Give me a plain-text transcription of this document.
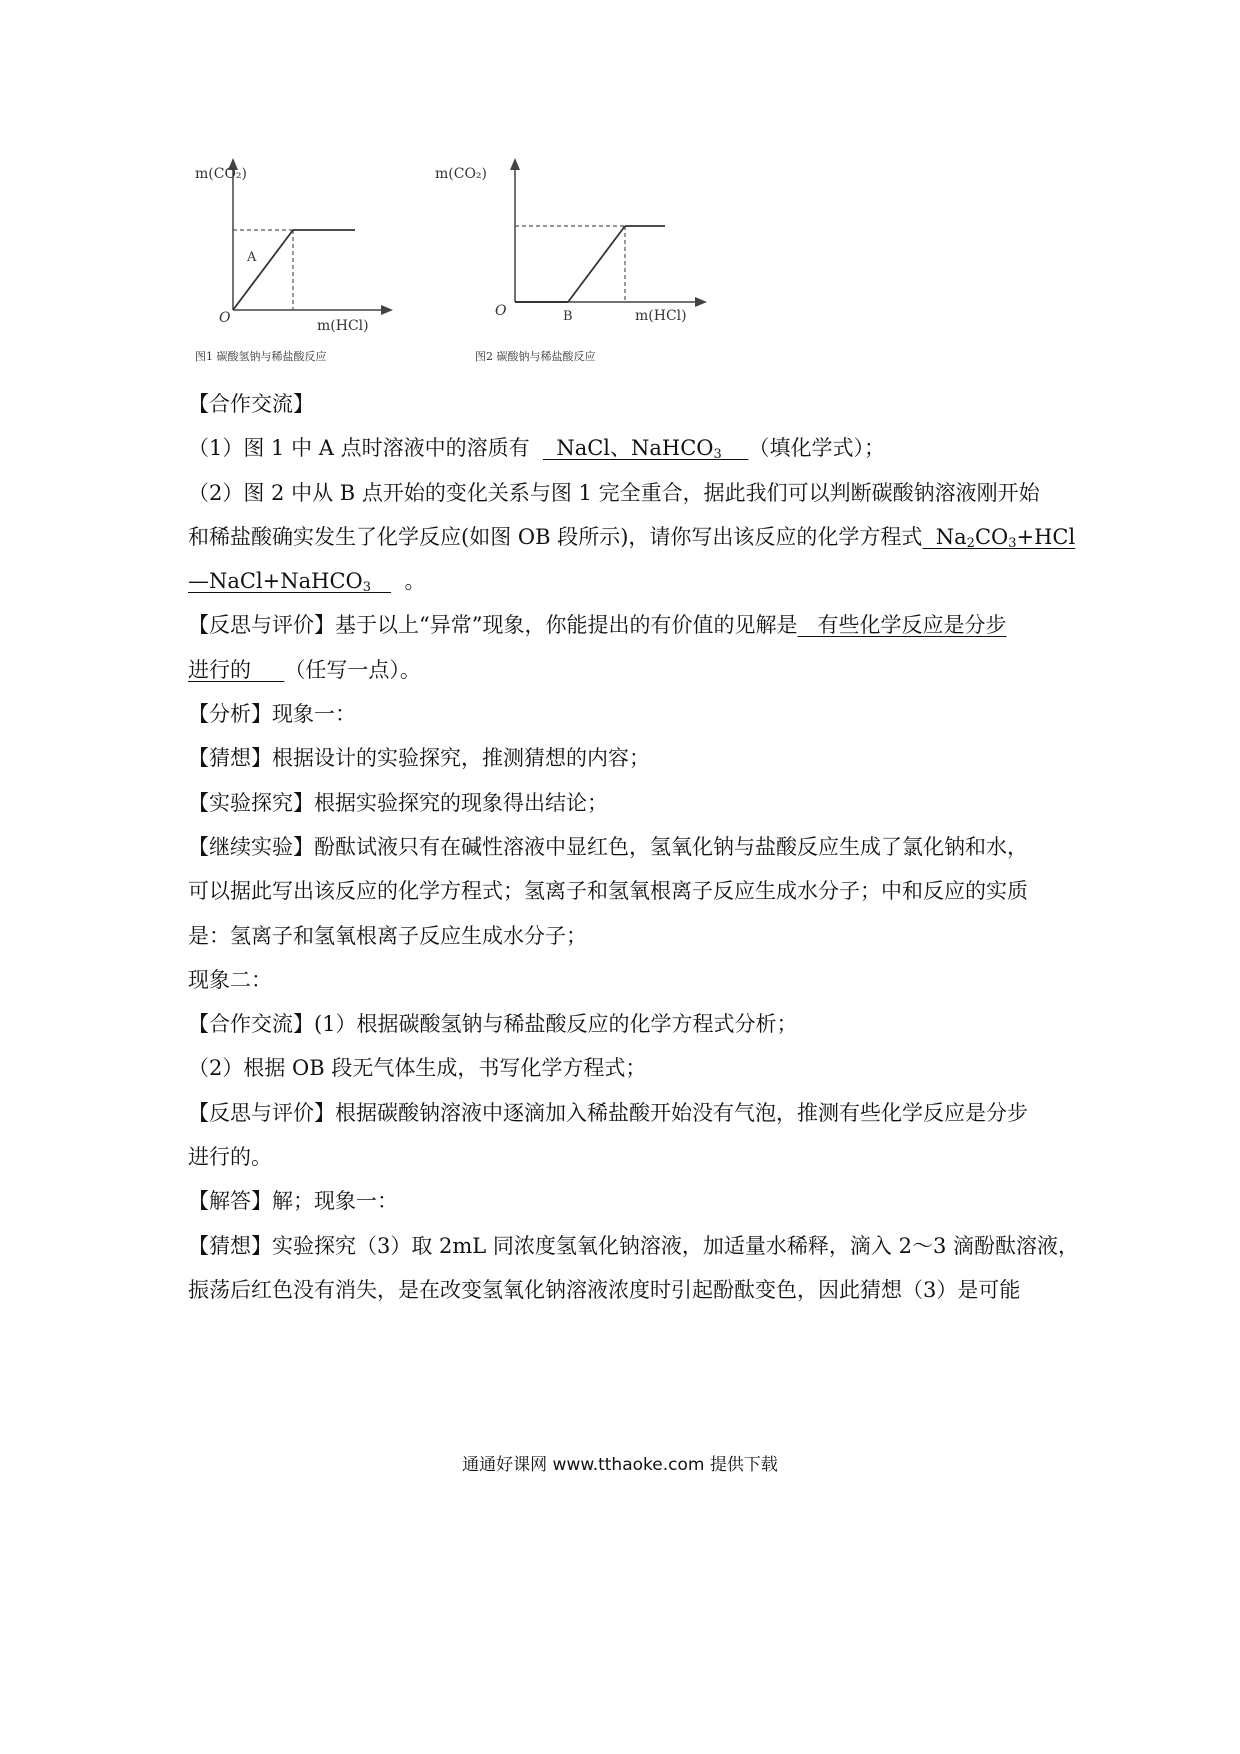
m(CO₂)
m(HCl)
O
A
图1 碳酸氢钠与稀盐酸反应
m(CO₂)
m(HCl)
O	B
图2 碳酸钠与稀盐酸反应

【合作交流】

（1）图 1 中 A 点时溶液中的溶质有 NaCl、NaHCO$_3$ （填化学式）；

（2）图 2 中从 B 点开始的变化关系与图 1 完全重合，据此我们可以判断碳酸钠溶液刚开始

和稀盐酸确实发生了化学反应(如图 OB 段所示)，请你写出该反应的化学方程式 $Na_2CO_3+HCl$

—NaCl+NaHCO$_3$ 。

【反思与评价】基于以上“异常”现象，你能提出的有价值的见解是 有些化学反应是分步

进行的 （任写一点）。

【分析】现象一：

【猜想】根据设计的实验探究，推测猜想的内容；

【实验探究】根据实验探究的现象得出结论；

【继续实验】酚酞试液只有在碱性溶液中显红色，氢氧化钠与盐酸反应生成了氯化钠和水，

可以据此写出该反应的化学方程式；氢离子和氢氧根离子反应生成水分子；中和反应的实质

是：氢离子和氢氧根离子反应生成水分子；

现象二：

【合作交流】(1）根据碳酸氢钠与稀盐酸反应的化学方程式分析；

（2）根据 OB 段无气体生成，书写化学方程式；

【反思与评价】根据碳酸钠溶液中逐滴加入稀盐酸开始没有气泡，推测有些化学反应是分步

进行的。

【解答】解；现象一：

【猜想】实验探究（3）取 2mL 同浓度氢氧化钠溶液，加适量水稀释，滴入 2～3 滴酚酞溶液，

振荡后红色没有消失，是在改变氢氧化钠溶液浓度时引起酚酞变色，因此猜想（3）是可能

通通好课网 www.tthaoke.com 提供下载
